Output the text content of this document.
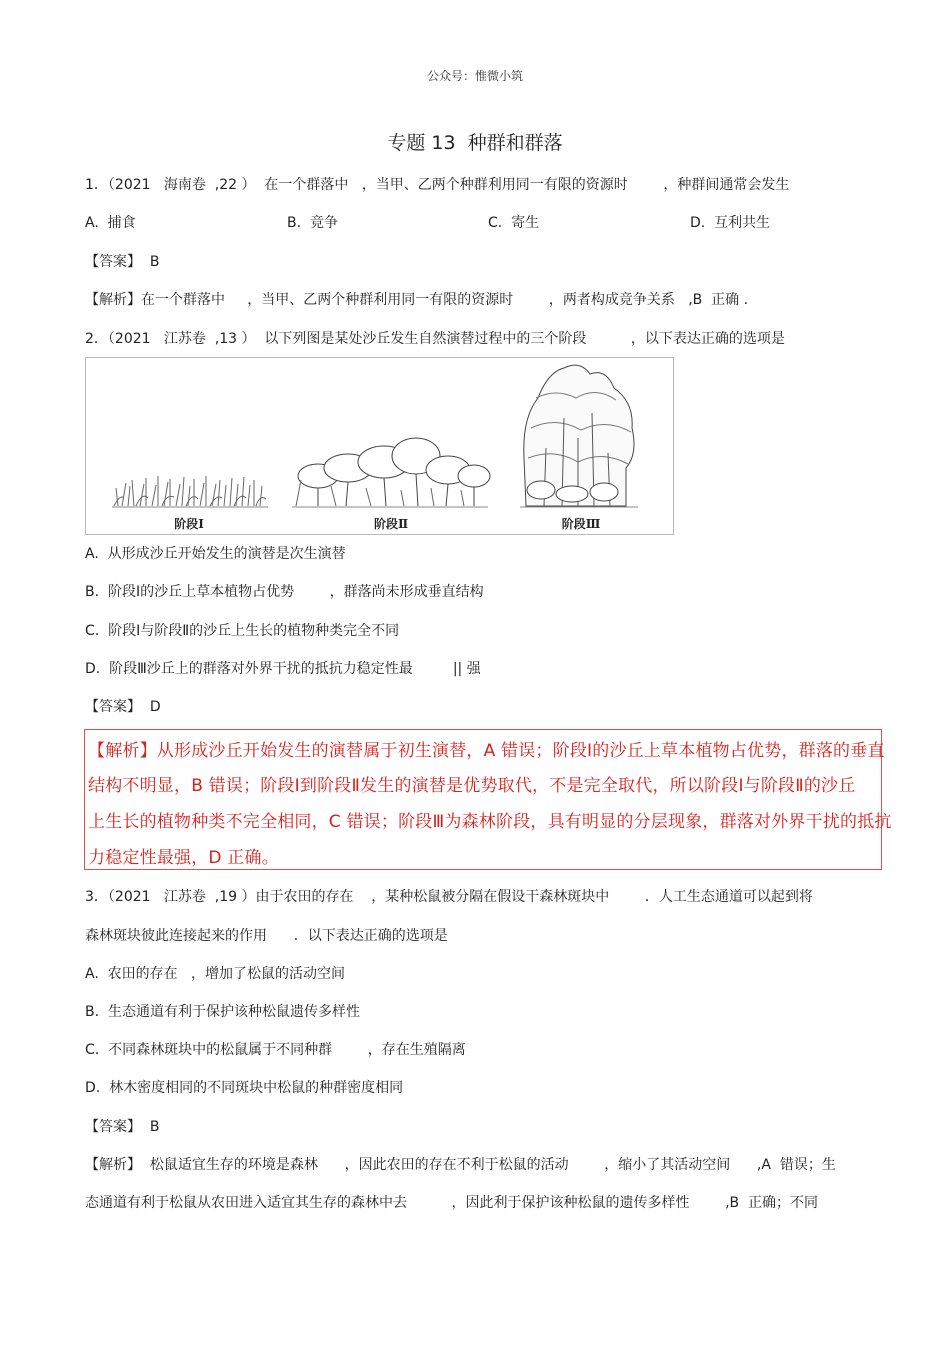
公众号：惟微小筑
专题 13  种群和群落
1．（2021   海南卷  ,22 ）  在一个群落中   ，当甲、乙两个种群利用同一有限的资源时        ，种群间通常会发生
A.  捕食	B.  竞争	C.  寄生	D.  互利共生
【答案】  B
【解析】在一个群落中     ，当甲、乙两个种群利用同一有限的资源时        ，两者构成竞争关系   ,B  正确 .
2．（2021   江苏卷  ,13 ）  以下列图是某处沙丘发生自然演替过程中的三个阶段          ，以下表达正确的选项是
阶段Ⅰ	阶段Ⅱ	阶段Ⅲ
A.  从形成沙丘开始发生的演替是次生演替
B.  阶段Ⅰ的沙丘上草本植物占优势        ，群落尚未形成垂直结构
C.  阶段Ⅰ与阶段Ⅱ的沙丘上生长的植物种类完全不同
D.  阶段Ⅲ沙丘上的群落对外界干扰的抵抗力稳定性最         || 强
【答案】  D
【解析】从形成沙丘开始发生的演替属于初生演替，A 错误；阶段Ⅰ的沙丘上草本植物占优势，群落的垂直
结构不明显，B 错误；阶段Ⅰ到阶段Ⅱ发生的演替是优势取代，不是完全取代，所以阶段Ⅰ与阶段Ⅱ的沙丘
上生长的植物种类不完全相同，C 错误；阶段Ⅲ为森林阶段，具有明显的分层现象，群落对外界干扰的抵抗
力稳定性最强，D 正确。
3．（2021   江苏卷  ,19 ）由于农田的存在    ，某种松鼠被分隔在假设干森林斑块中        ．人工生态通道可以起到将
森林斑块彼此连接起来的作用      ．以下表达正确的选项是
A.  农田的存在   ，增加了松鼠的活动空间
B.  生态通道有利于保护该种松鼠遗传多样性
C.  不同森林斑块中的松鼠属于不同种群        ，存在生殖隔离
D.  林木密度相同的不同斑块中松鼠的种群密度相同
【答案】  B
【解析】  松鼠适宜生存的环境是森林      ，因此农田的存在不利于松鼠的活动        ，缩小了其活动空间      ,A  错误；生
态通道有利于松鼠从农田进入适宜其生存的森林中去          ，因此利于保护该种松鼠的遗传多样性        ,B  正确；不同
